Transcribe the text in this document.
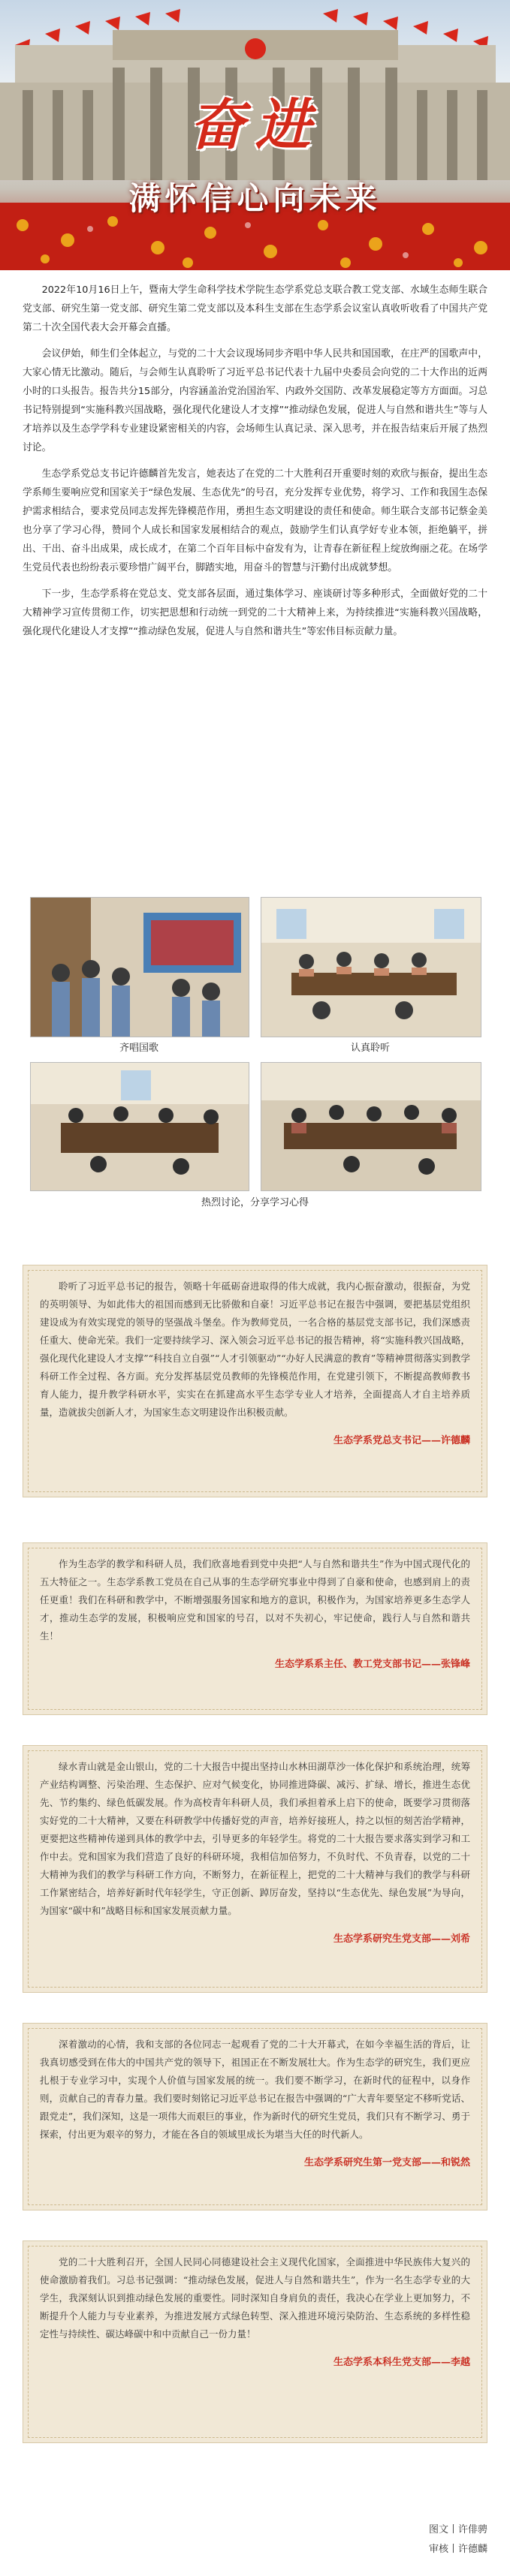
奋进
满怀信心向未来

2022年10月16日上午，暨南大学生命科学技术学院生态学系党总支联合教工党支部、水域生态师生联合党支部、研究生第一党支部、研究生第二党支部以及本科生支部在生态学系会议室认真收听收看了中国共产党第二十次全国代表大会开幕会直播。

会议伊始，师生们全体起立，与党的二十大会议现场同步齐唱中华人民共和国国歌，在庄严的国歌声中，大家心情无比激动。随后，与会师生认真聆听了习近平总书记代表十九届中央委员会向党的二十大作出的近两小时的口头报告。报告共分15部分，内容涵盖治党治国治军、内政外交国防、改革发展稳定等方方面面。习总书记特别提到“实施科教兴国战略，强化现代化建设人才支撑”“推动绿色发展，促进人与自然和谐共生”等与人才培养以及生态学学科专业建设紧密相关的内容，会场师生认真记录、深入思考，并在报告结束后开展了热烈讨论。

生态学系党总支书记许德麟首先发言，她表达了在党的二十大胜利召开重要时刻的欢欣与振奋，提出生态学系师生要响应党和国家关于“绿色发展、生态优先”的号召，充分发挥专业优势，将学习、工作和我国生态保护需求相结合，要求党员同志发挥先锋模范作用，勇担生态文明建设的责任和使命。师生联合支部书记蔡金美也分享了学习心得，赞同个人成长和国家发展相结合的观点，鼓励学生们认真学好专业本领，拒绝躺平，拼出、干出、奋斗出成果，成长成才，在第二个百年目标中奋发有为，让青春在新征程上绽放绚丽之花。在场学生党员代表也纷纷表示要珍惜广阔平台，脚踏实地，用奋斗的智慧与汗勤付出成就梦想。

下一步，生态学系将在党总支、党支部各层面，通过集体学习、座谈研讨等多种形式，全面做好党的二十大精神学习宣传贯彻工作，切实把思想和行动统一到党的二十大精神上来，为持续推进“实施科教兴国战略，强化现代化建设人才支撑”“推动绿色发展，促进人与自然和谐共生”等宏伟目标贡献力量。

齐唱国歌	认真聆听
热烈讨论，分享学习心得

聆听了习近平总书记的报告，领略十年砥砺奋进取得的伟大成就，我内心振奋激动，很振奋，为党的英明领导、为如此伟大的祖国而感到无比骄傲和自豪！习近平总书记在报告中强调，要把基层党组织建设成为有效实现党的领导的坚强战斗堡垒。作为教师党员，一名合格的基层党支部书记，我们深感责任重大、使命光荣。我们一定要持续学习、深入领会习近平总书记的报告精神，将“实施科教兴国战略，强化现代化建设人才支撑”“科技自立自强”“人才引领驱动”“办好人民满意的教育”等精神贯彻落实到教学科研工作全过程、各方面。充分发挥基层党员教师的先锋模范作用，在党建引领下，不断提高教师教书育人能力，提升教学科研水平，实实在在抓建高水平生态学专业人才培养，全面提高人才自主培养质量，造就拔尖创新人才，为国家生态文明建设作出积极贡献。

生态学系党总支书记——许德麟

作为生态学的教学和科研人员，我们欣喜地看到党中央把“人与自然和谐共生”作为中国式现代化的五大特征之一。生态学系教工党员在自己从事的生态学研究事业中得到了自豪和使命，也感到肩上的责任更重！我们在科研和教学中，不断增强服务国家和地方的意识，积极作为，为国家培养更多生态学人才，推动生态学的发展，积极响应党和国家的号召，以对不失初心，牢记使命，践行人与自然和谐共生！

生态学系系主任、教工党支部书记——张锋峰

绿水青山就是金山银山，党的二十大报告中提出坚持山水林田湖草沙一体化保护和系统治理，统筹产业结构调整、污染治理、生态保护、应对气候变化，协同推进降碳、减污、扩绿、增长，推进生态优先、节约集约、绿色低碳发展。作为高校青年科研人员，我们承担着承上启下的使命，既要学习贯彻落实好党的二十大精神，又要在科研教学中传播好党的声音，培养好接班人，持之以恒的刻苦治学精神，更要把这些精神传递到具体的教学中去，引导更多的年轻学生。将党的二十大报告要求落实到学习和工作中去。党和国家为我们营造了良好的科研环境，我相信加倍努力，不负时代、不负青春，以党的二十大精神为我们的教学与科研工作方向，不断努力，在新征程上，把党的二十大精神与我们的教学与科研工作紧密结合，培养好新时代年轻学生，守正创新、踔厉奋发，坚持以“生态优先、绿色发展”为导向，为国家“碳中和”战略目标和国家发展贡献力量。

生态学系研究生党支部——刘希

深着激动的心情，我和支部的各位同志一起观看了党的二十大开幕式，在如今幸福生活的背后，让我真切感受到在伟大的中国共产党的领导下，祖国正在不断发展壮大。作为生态学的研究生，我们更应扎根于专业学习中，实现个人价值与国家发展的统一。我们要不断学习，在新时代的征程中，以身作则，贡献自己的青春力量。我们要时刻铭记习近平总书记在报告中强调的“广大青年要坚定不移听党话、跟党走”，我们深知，这是一项伟大而艰巨的事业，作为新时代的研究生党员，我们只有不断学习、勇于探索，付出更为艰辛的努力，才能在各自的领域里成长为堪当大任的时代新人。

生态学系研究生第一党支部——和锐然

党的二十大胜利召开，全国人民同心同德建设社会主义现代化国家，全面推进中华民族伟大复兴的使命激励着我们。习总书记强调：“推动绿色发展，促进人与自然和谐共生”，作为一名生态学专业的大学生，我深刻认识到推动绿色发展的重要性。同时深知自身肩负的责任，我决心在学业上更加努力，不断提升个人能力与专业素养，为推进发展方式绿色转型、深入推进环境污染防治、生态系统的多样性稳定性与持续性、碳达峰碳中和中贡献自己一份力量！

生态学系本科生党支部——李越

图文丨许俳骋
审核丨许德麟
